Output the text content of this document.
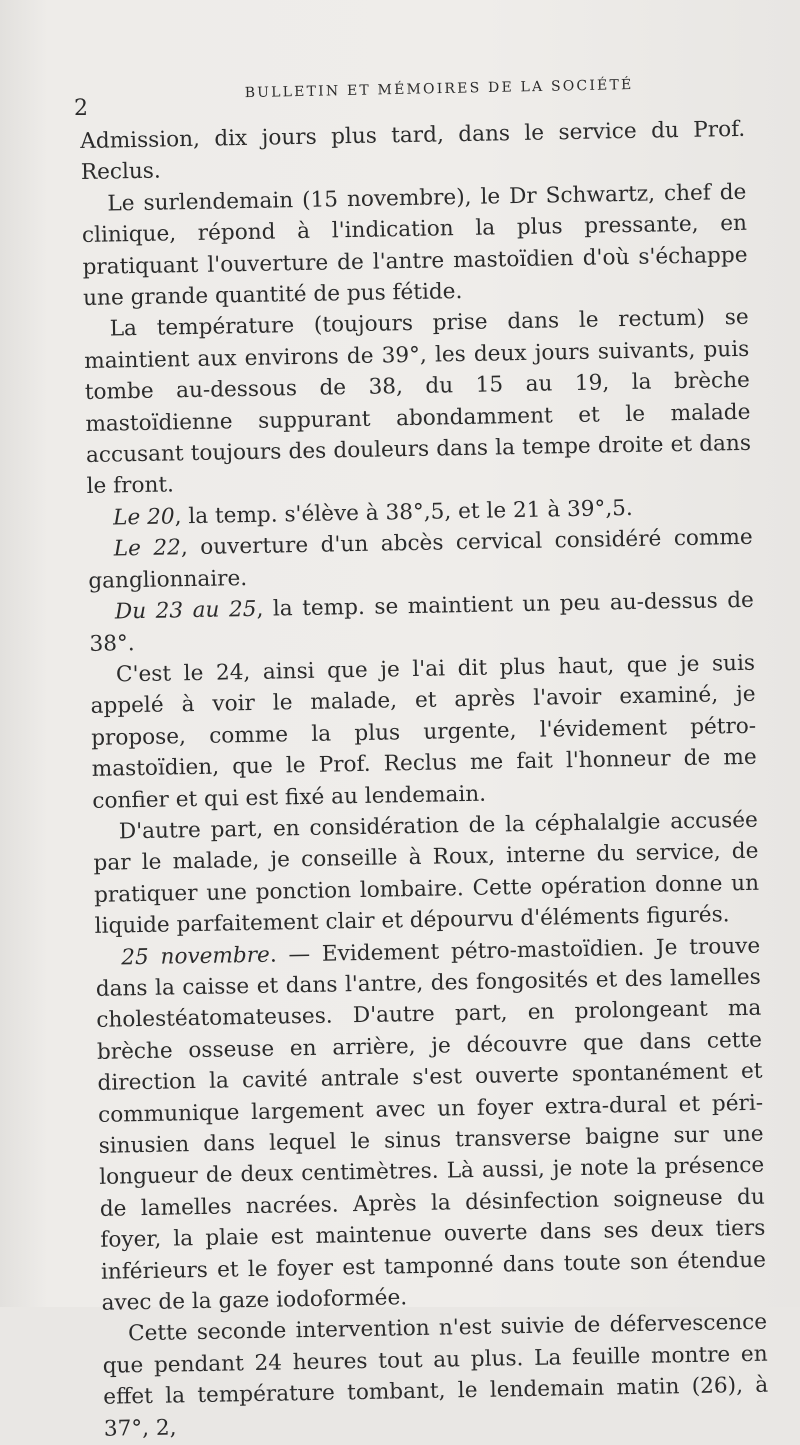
2
BULLETIN ET MÉMOIRES DE LA SOCIÉTÉ

Admission, dix jours plus tard, dans le service du Prof. Reclus.

Le surlendemain (15 novembre), le Dr Schwartz, chef de clinique, répond à l'indication la plus pressante, en pratiquant l'ouverture de l'antre mastoïdien d'où s'échappe une grande quantité de pus fétide.

La température (toujours prise dans le rectum) se maintient aux environs de 39°, les deux jours suivants, puis tombe au-dessous de 38, du 15 au 19, la brèche mastoïdienne suppurant abondamment et le malade accusant toujours des douleurs dans la tempe droite et dans le front.

Le 20, la temp. s'élève à 38°,5, et le 21 à 39°,5.

Le 22, ouverture d'un abcès cervical considéré comme ganglionnaire.

Du 23 au 25, la temp. se maintient un peu au-dessus de 38°.

C'est le 24, ainsi que je l'ai dit plus haut, que je suis appelé à voir le malade, et après l'avoir examiné, je propose, comme la plus urgente, l'évidement pétro-mastoïdien, que le Prof. Reclus me fait l'honneur de me confier et qui est fixé au lendemain.

D'autre part, en considération de la céphalalgie accusée par le malade, je conseille à Roux, interne du service, de pratiquer une ponction lombaire. Cette opération donne un liquide parfaitement clair et dépourvu d'éléments figurés.

25 novembre. — Evidement pétro-mastoïdien. Je trouve dans la caisse et dans l'antre, des fongosités et des lamelles cholestéatomateuses. D'autre part, en prolongeant ma brèche osseuse en arrière, je découvre que dans cette direction la cavité antrale s'est ouverte spontanément et communique largement avec un foyer extra-dural et péri-sinusien dans lequel le sinus transverse baigne sur une longueur de deux centimètres. Là aussi, je note la présence de lamelles nacrées. Après la désinfection soigneuse du foyer, la plaie est maintenue ouverte dans ses deux tiers inférieurs et le foyer est tamponné dans toute son étendue avec de la gaze iodoformée.

Cette seconde intervention n'est suivie de défervescence que pendant 24 heures tout au plus. La feuille montre en effet la température tombant, le lendemain matin (26), à 37°, 2,
